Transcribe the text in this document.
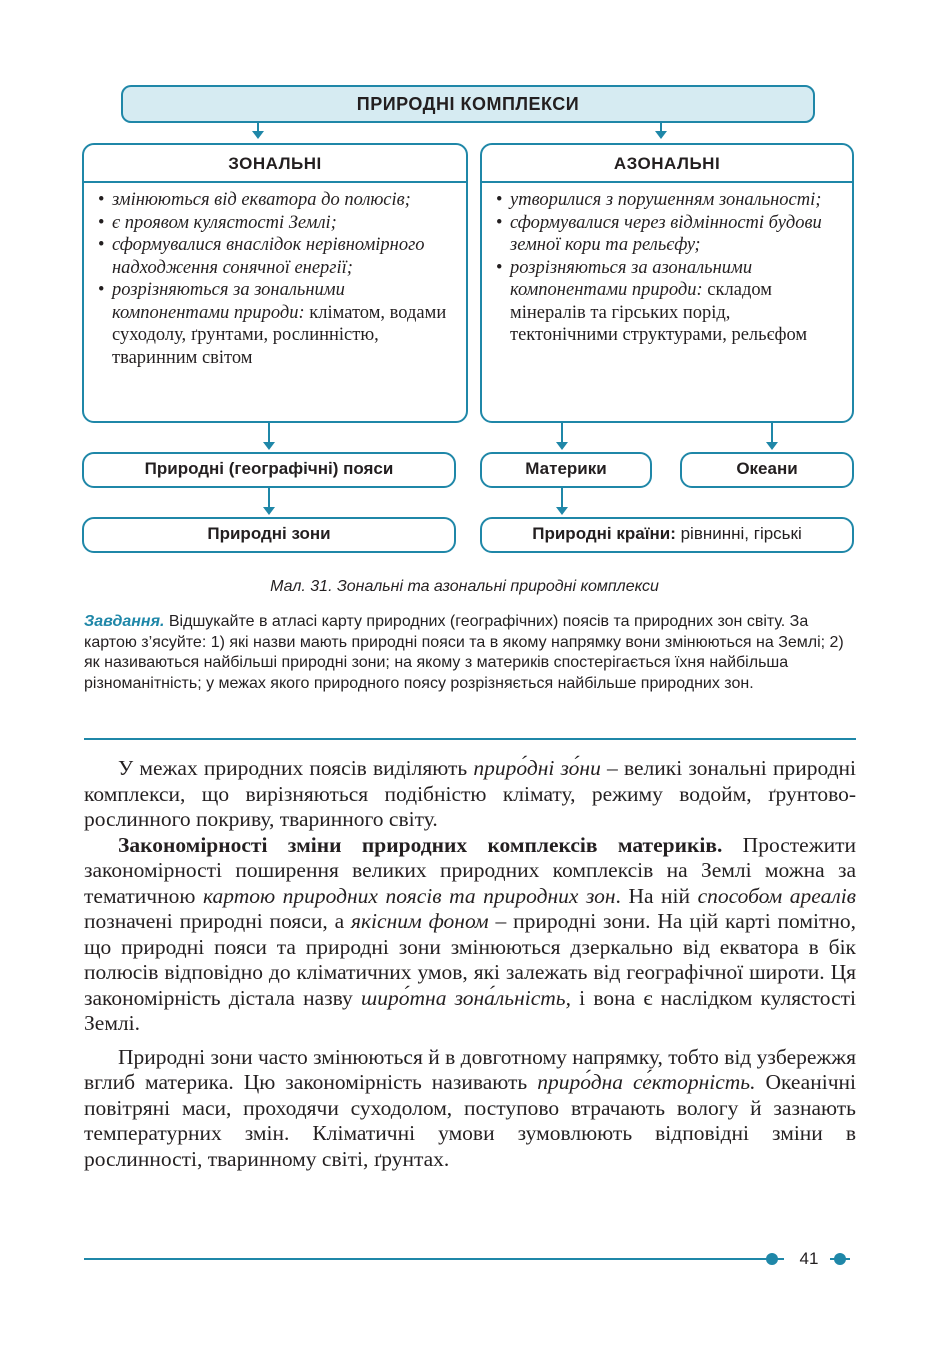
ПРИРОДНІ КОМПЛЕКСИ
ЗОНАЛЬНІ
• змінюються від екватора до полюсів;
• є проявом кулястості Землі;
• сформувалися внаслідок нерівномірного надходження сонячної енергії;
• розрізняються за зональними компонентами природи: кліматом, водами суходолу, ґрунтами, рослинністю, тваринним світом
АЗОНАЛЬНІ
• утворилися з порушенням зональності;
• сформувалися через відмінності будови земної кори та рельєфу;
• розрізняються за азональними компонентами природи: складом мінералів та гірських порід, тектонічними структурами, рельєфом
Природні (географічні) пояси	Материки	Океани
Природні зони	Природні країни: рівнинні, гірські
Мал. 31. Зональні та азональні природні комплекси
Завдання. Відшукайте в атласі карту природних (географічних) поясів та природних зон світу. За картою з’ясуйте: 1) які назви мають природні пояси та в якому напрямку вони змінюються на Землі; 2) як називаються найбільші природні зони; на якому з материків спостерігається їхня найбільша різноманітність; у межах якого природного поясу розрізняється найбільше природних зон.

У межах природних поясів виділяють приро́дні зо́ни – великі зональні природні комплекси, що вирізняються подібністю клімату, режиму водойм, ґрунтово-рослинного покриву, тваринного світу.

Закономірності зміни природних комплексів материків. Простежити закономірності поширення великих природних комплексів на Землі можна за тематичною картою природних поясів та природних зон. На ній способом ареалів позначені природні пояси, а якісним фоном – природні зони. На цій карті помітно, що природні пояси та природні зони змінюються дзеркально від екватора в бік полюсів відповідно до кліматичних умов, які залежать від географічної широти. Ця закономірність дістала назву широ́тна зона́льність, і вона є наслідком кулястості Землі.

Природні зони часто змінюються й в довготному напрямку, тобто від узбережжя вглиб материка. Цю закономірність називають приро́дна се́кторність. Океанічні повітряні маси, проходячи суходолом, поступово втрачають вологу й зазнають температурних змін. Кліматичні умови зумовлюють відповідні зміни в рослинності, тваринному світі, ґрунтах.

41
